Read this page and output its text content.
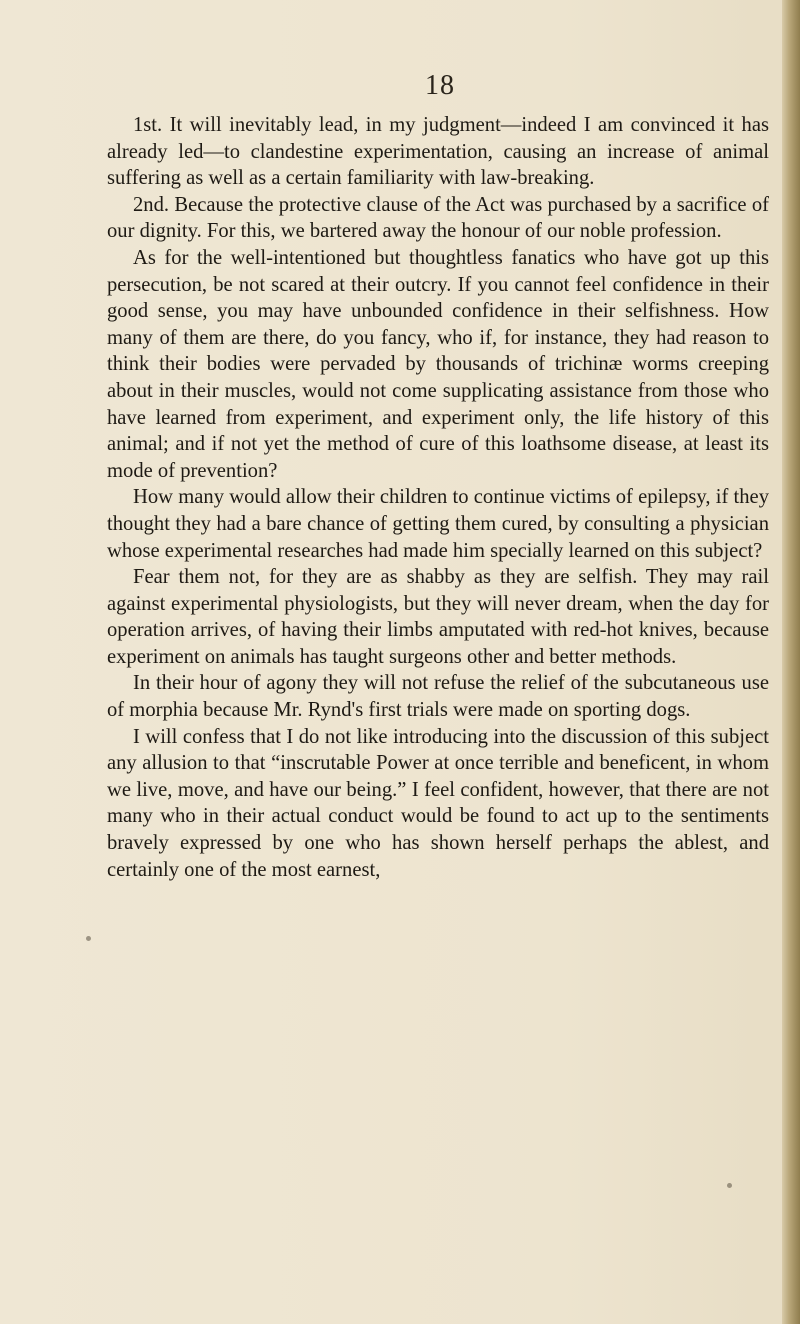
18

1st. It will inevitably lead, in my judgment—indeed I am convinced it has already led—to clandestine experimentation, causing an increase of animal suffering as well as a certain familiarity with law-breaking.

2nd. Because the protective clause of the Act was purchased by a sacrifice of our dignity. For this, we bartered away the honour of our noble profession.

As for the well-intentioned but thoughtless fanatics who have got up this persecution, be not scared at their outcry. If you cannot feel confidence in their good sense, you may have unbounded confidence in their selfishness. How many of them are there, do you fancy, who if, for instance, they had reason to think their bodies were pervaded by thousands of trichinæ worms creeping about in their muscles, would not come supplicating assistance from those who have learned from experiment, and experiment only, the life history of this animal; and if not yet the method of cure of this loathsome disease, at least its mode of prevention?

How many would allow their children to continue victims of epilepsy, if they thought they had a bare chance of getting them cured, by consulting a physician whose experimental researches had made him specially learned on this subject?

Fear them not, for they are as shabby as they are selfish. They may rail against experimental physiologists, but they will never dream, when the day for operation arrives, of having their limbs amputated with red-hot knives, because experiment on animals has taught surgeons other and better methods.

In their hour of agony they will not refuse the relief of the subcutaneous use of morphia because Mr. Rynd's first trials were made on sporting dogs.

I will confess that I do not like introducing into the discussion of this subject any allusion to that “inscrutable Power at once terrible and beneficent, in whom we live, move, and have our being.” I feel confident, however, that there are not many who in their actual conduct would be found to act up to the sentiments bravely expressed by one who has shown herself perhaps the ablest, and certainly one of the most earnest,
